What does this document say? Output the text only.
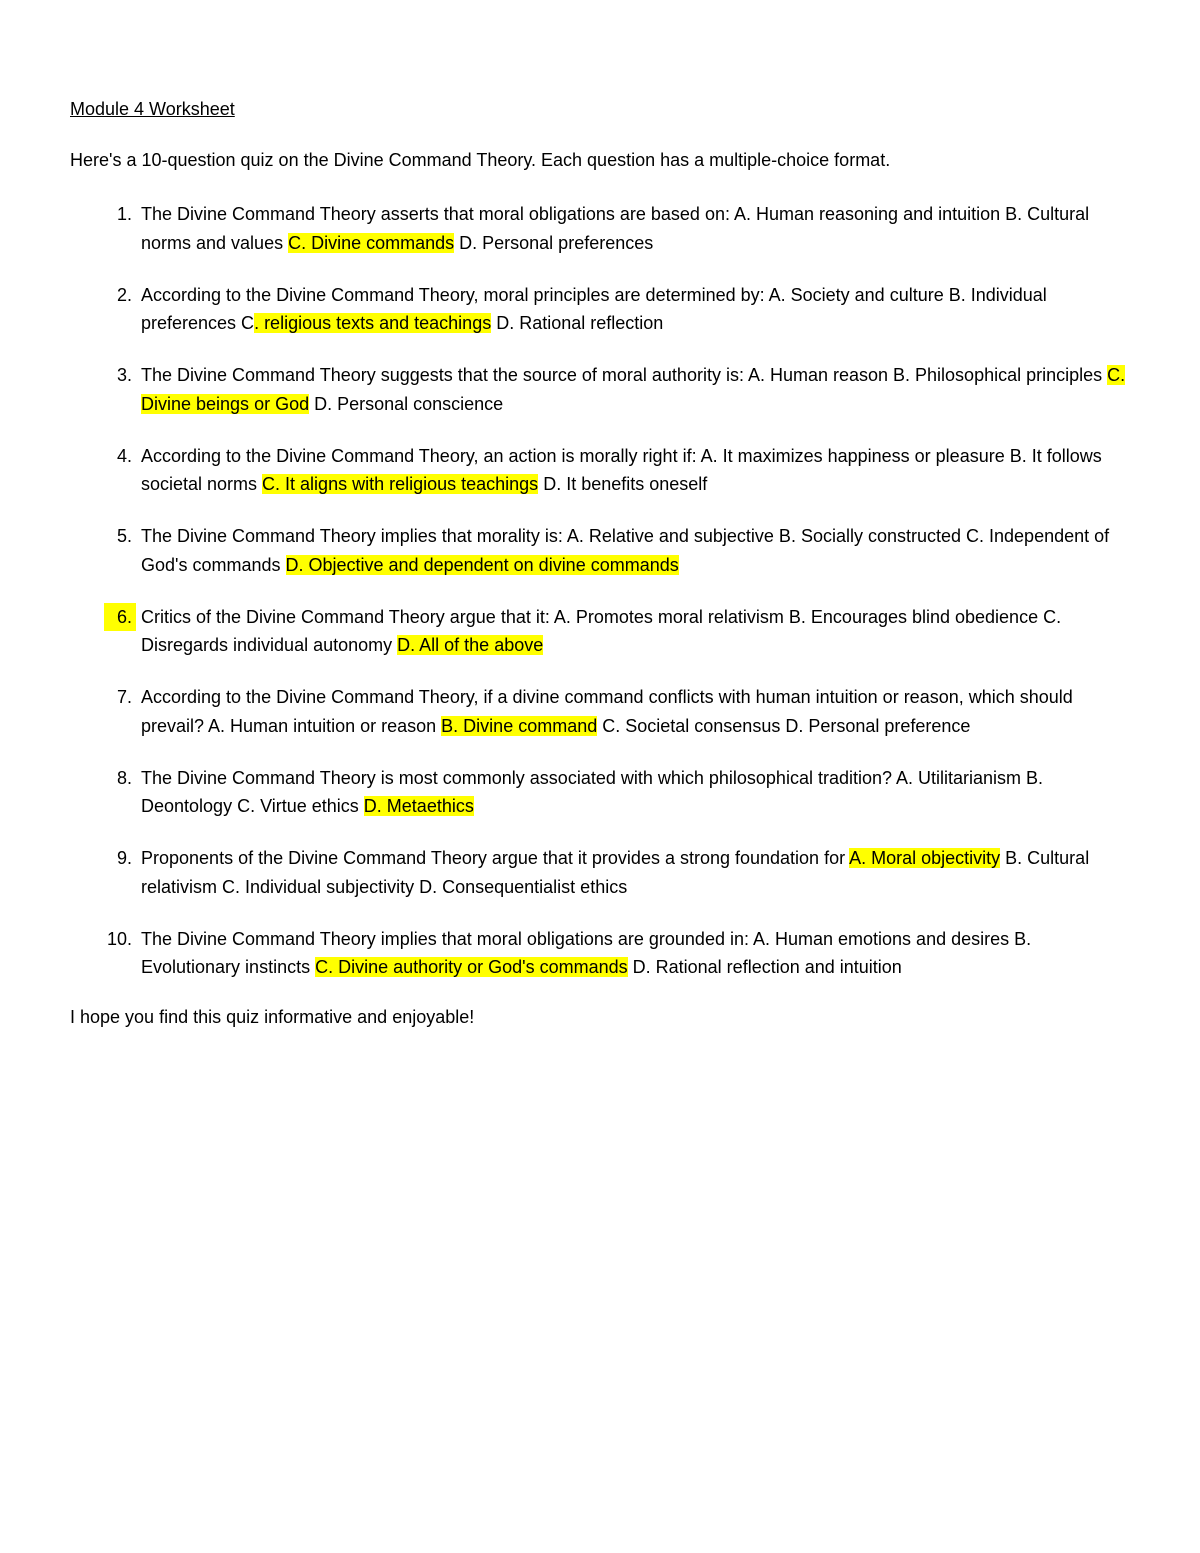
Module 4 Worksheet
Here's a 10-question quiz on the Divine Command Theory. Each question has a multiple-choice format.
1. The Divine Command Theory asserts that moral obligations are based on: A. Human reasoning and intuition B. Cultural norms and values C. Divine commands D. Personal preferences
2. According to the Divine Command Theory, moral principles are determined by: A. Society and culture B. Individual preferences C. religious texts and teachings D. Rational reflection
3. The Divine Command Theory suggests that the source of moral authority is: A. Human reason B. Philosophical principles C. Divine beings or God D. Personal conscience
4. According to the Divine Command Theory, an action is morally right if: A. It maximizes happiness or pleasure B. It follows societal norms C. It aligns with religious teachings D. It benefits oneself
5. The Divine Command Theory implies that morality is: A. Relative and subjective B. Socially constructed C. Independent of God's commands D. Objective and dependent on divine commands
6. Critics of the Divine Command Theory argue that it: A. Promotes moral relativism B. Encourages blind obedience C. Disregards individual autonomy D. All of the above
7. According to the Divine Command Theory, if a divine command conflicts with human intuition or reason, which should prevail? A. Human intuition or reason B. Divine command C. Societal consensus D. Personal preference
8. The Divine Command Theory is most commonly associated with which philosophical tradition? A. Utilitarianism B. Deontology C. Virtue ethics D. Metaethics
9. Proponents of the Divine Command Theory argue that it provides a strong foundation for A. Moral objectivity B. Cultural relativism C. Individual subjectivity D. Consequentialist ethics
10. The Divine Command Theory implies that moral obligations are grounded in: A. Human emotions and desires B. Evolutionary instincts C. Divine authority or God's commands D. Rational reflection and intuition
I hope you find this quiz informative and enjoyable!
